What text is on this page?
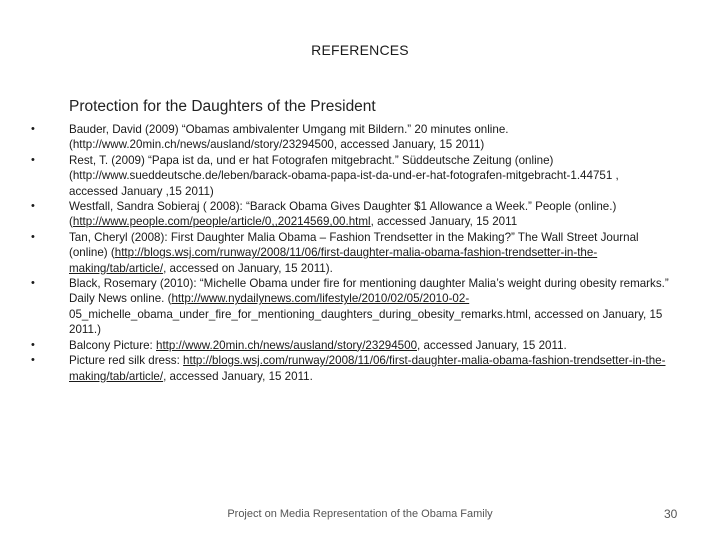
REFERENCES
Protection for the Daughters of the President
•	Bauder, David (2009) “Obamas ambivalenter Umgang mit Bildern.” 20 minutes online. (http://www.20min.ch/news/ausland/story/23294500, accessed January, 15 2011)
•	Rest, T. (2009) “Papa ist da, und er hat Fotografen mitgebracht.” Süddeutsche Zeitung (online) (http://www.sueddeutsche.de/leben/barack-obama-papa-ist-da-und-er-hat-fotografen-mitgebracht-1.44751 , accessed January ,15 2011)
•	Westfall, Sandra Sobieraj ( 2008): “Barack Obama Gives Daughter $1 Allowance a Week.” People (online.) (http://www.people.com/people/article/0,,20214569,00.html, accessed January, 15 2011
•	Tan, Cheryl (2008): First Daughter Malia Obama – Fashion Trendsetter in the Making?” The Wall Street Journal (online) (http://blogs.wsj.com/runway/2008/11/06/first-daughter-malia-obama-fashion-trendsetter-in-the-making/tab/article/, accessed on January, 15 2011).
•	Black, Rosemary (2010): “Michelle Obama under fire for mentioning daughter Malia’s weight during obesity remarks.” Daily News online. (http://www.nydailynews.com/lifestyle/2010/02/05/2010-02-05_michelle_obama_under_fire_for_mentioning_daughters_during_obesity_remarks.html, accessed on January, 15 2011.)
•	Balcony Picture: http://www.20min.ch/news/ausland/story/23294500, accessed January, 15 2011.
•	Picture red silk dress: http://blogs.wsj.com/runway/2008/11/06/first-daughter-malia-obama-fashion-trendsetter-in-the-making/tab/article/, accessed January, 15 2011.
Project on Media Representation of the Obama Family	30
